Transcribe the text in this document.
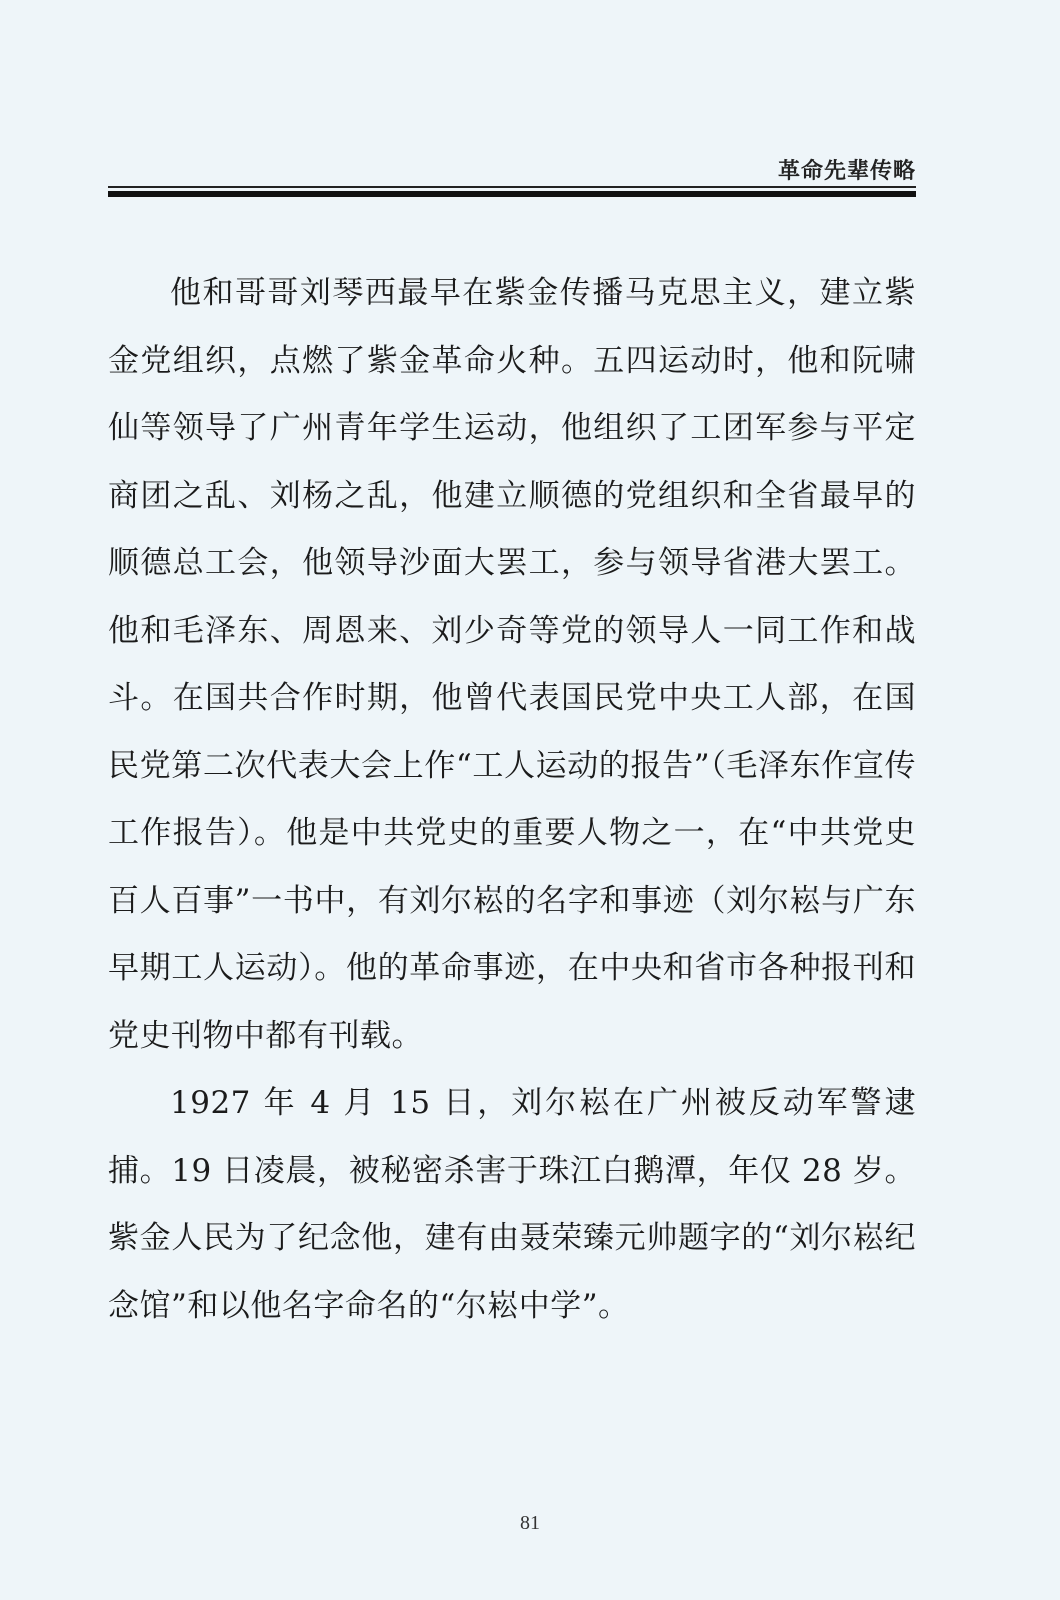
革命先辈传略

他和哥哥刘琴西最早在紫金传播马克思主义，建立紫金党组织，点燃了紫金革命火种。五四运动时，他和阮啸仙等领导了广州青年学生运动，他组织了工团军参与平定商团之乱、刘杨之乱，他建立顺德的党组织和全省最早的顺德总工会，他领导沙面大罢工，参与领导省港大罢工。他和毛泽东、周恩来、刘少奇等党的领导人一同工作和战斗。在国共合作时期，他曾代表国民党中央工人部，在国民党第二次代表大会上作“工人运动的报告”（毛泽东作宣传工作报告）。他是中共党史的重要人物之一，在“中共党史百人百事”一书中，有刘尔崧的名字和事迹（刘尔崧与广东早期工人运动）。他的革命事迹，在中央和省市各种报刊和党史刊物中都有刊载。

1927 年 4 月 15 日，刘尔崧在广州被反动军警逮捕。19 日凌晨，被秘密杀害于珠江白鹅潭，年仅 28 岁。紫金人民为了纪念他，建有由聂荣臻元帅题字的“刘尔崧纪念馆”和以他名字命名的“尔崧中学”。

81
